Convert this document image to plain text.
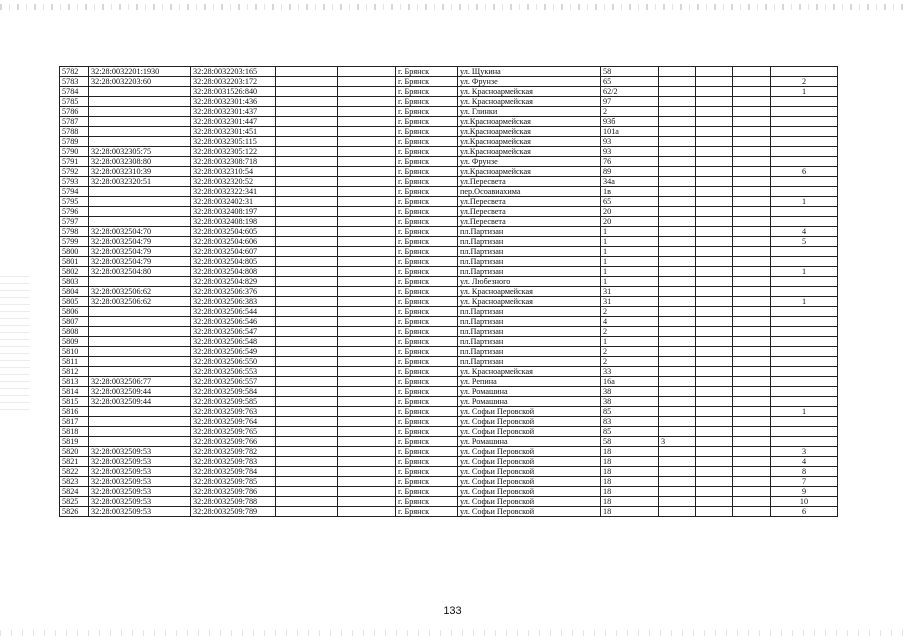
5782	32:28:0032201:1930	32:28:0032203:165			г. Брянск	ул. Щукина	58				
5783	32:28:0032203:60	32:28:0032203:172			г. Брянск	ул. Фрунзе	65				2
5784		32:28:0031526:840			г. Брянск	ул. Красноармейская	62/2				1
5785		32:28:0032301:436			г. Брянск	ул. Красноармейская	97				
5786		32:28:0032301:437			г. Брянск	ул. Глинки	2				
5787		32:28:0032301:447			г. Брянск	ул.Красноармейская	93б				
5788		32:28:0032301:451			г. Брянск	ул.Красноармейская	101а				
5789		32:28:0032305:115			г. Брянск	ул.Красноармейская	93				
5790	32:28:0032305:75	32:28:0032305:122			г. Брянск	ул.Красноармейская	93				
5791	32:28:0032308:80	32:28:0032308:718			г. Брянск	ул. Фрунзе	76				
5792	32:28:0032310:39	32:28:0032310:54			г. Брянск	ул.Красноармейская	89				6
5793	32:28:0032320:51	32:28:0032320:52			г. Брянск	ул.Пересвета	34а				
5794		32:28:0032322:341			г. Брянск	пер.Осоавиахима	1в				
5795		32:28:0032402:31			г. Брянск	ул.Пересвета	65				1
5796		32:28:0032408:197			г. Брянск	ул.Пересвета	20				
5797		32:28:0032408:198			г. Брянск	ул.Пересвета	20				
5798	32:28:0032504:70	32:28:0032504:605			г. Брянск	пл.Партизан	1				4
5799	32:28:0032504:79	32:28:0032504:606			г. Брянск	пл.Партизан	1				5
5800	32:28:0032504:79	32:28:0032504:607			г. Брянск	пл.Партизан	1				
5801	32:28:0032504:79	32:28:0032504:805			г. Брянск	пл.Партизан	1				
5802	32:28:0032504:80	32:28:0032504:808			г. Брянск	пл.Партизан	1				1
5803		32:28:0032504:829			г. Брянск	ул. Любезного	1				
5804	32:28:0032506:62	32:28:0032506:376			г. Брянск	ул. Красноармейская	31				
5805	32:28:0032506:62	32:28:0032506:383			г. Брянск	ул. Красноармейская	31				1
5806		32:28:0032506:544			г. Брянск	пл.Партизан	2				
5807		32:28:0032506:546			г. Брянск	пл.Партизан	4				
5808		32:28:0032506:547			г. Брянск	пл.Партизан	2				
5809		32:28:0032506:548			г. Брянск	пл.Партизан	1				
5810		32:28:0032506:549			г. Брянск	пл.Партизан	2				
5811		32:28:0032506:550			г. Брянск	пл.Партизан	2				
5812		32:28:0032506:553			г. Брянск	ул. Красноармейская	33				
5813	32:28:0032506:77	32:28:0032506:557			г. Брянск	ул. Репина	16а				
5814	32:28:0032509:44	32:28:0032509:584			г. Брянск	ул. Ромашина	38				
5815	32:28:0032509:44	32:28:0032509:585			г. Брянск	ул. Ромашина	38				
5816		32:28:0032509:763			г. Брянск	ул. Софьи Перовской	85				1
5817		32:28:0032509:764			г. Брянск	ул. Софьи Перовской	83				
5818		32:28:0032509:765			г. Брянск	ул. Софьи Перовской	85				
5819		32:28:0032509:766			г. Брянск	ул. Ромашина	58	3			
5820	32:28:0032509:53	32:28:0032509:782			г. Брянск	ул. Софьи Перовской	18				3
5821	32:28:0032509:53	32:28:0032509:783			г. Брянск	ул. Софьи Перовской	18				4
5822	32:28:0032509:53	32:28:0032509:784			г. Брянск	ул. Софьи Перовской	18				8
5823	32:28:0032509:53	32:28:0032509:785			г. Брянск	ул. Софьи Перовской	18				7
5824	32:28:0032509:53	32:28:0032509:786			г. Брянск	ул. Софьи Перовской	18				9
5825	32:28:0032509:53	32:28:0032509:788			г. Брянск	ул. Софьи Перовской	18				10
5826	32:28:0032509:53	32:28:0032509:789			г. Брянск	ул. Софьи Перовской	18				6
133
